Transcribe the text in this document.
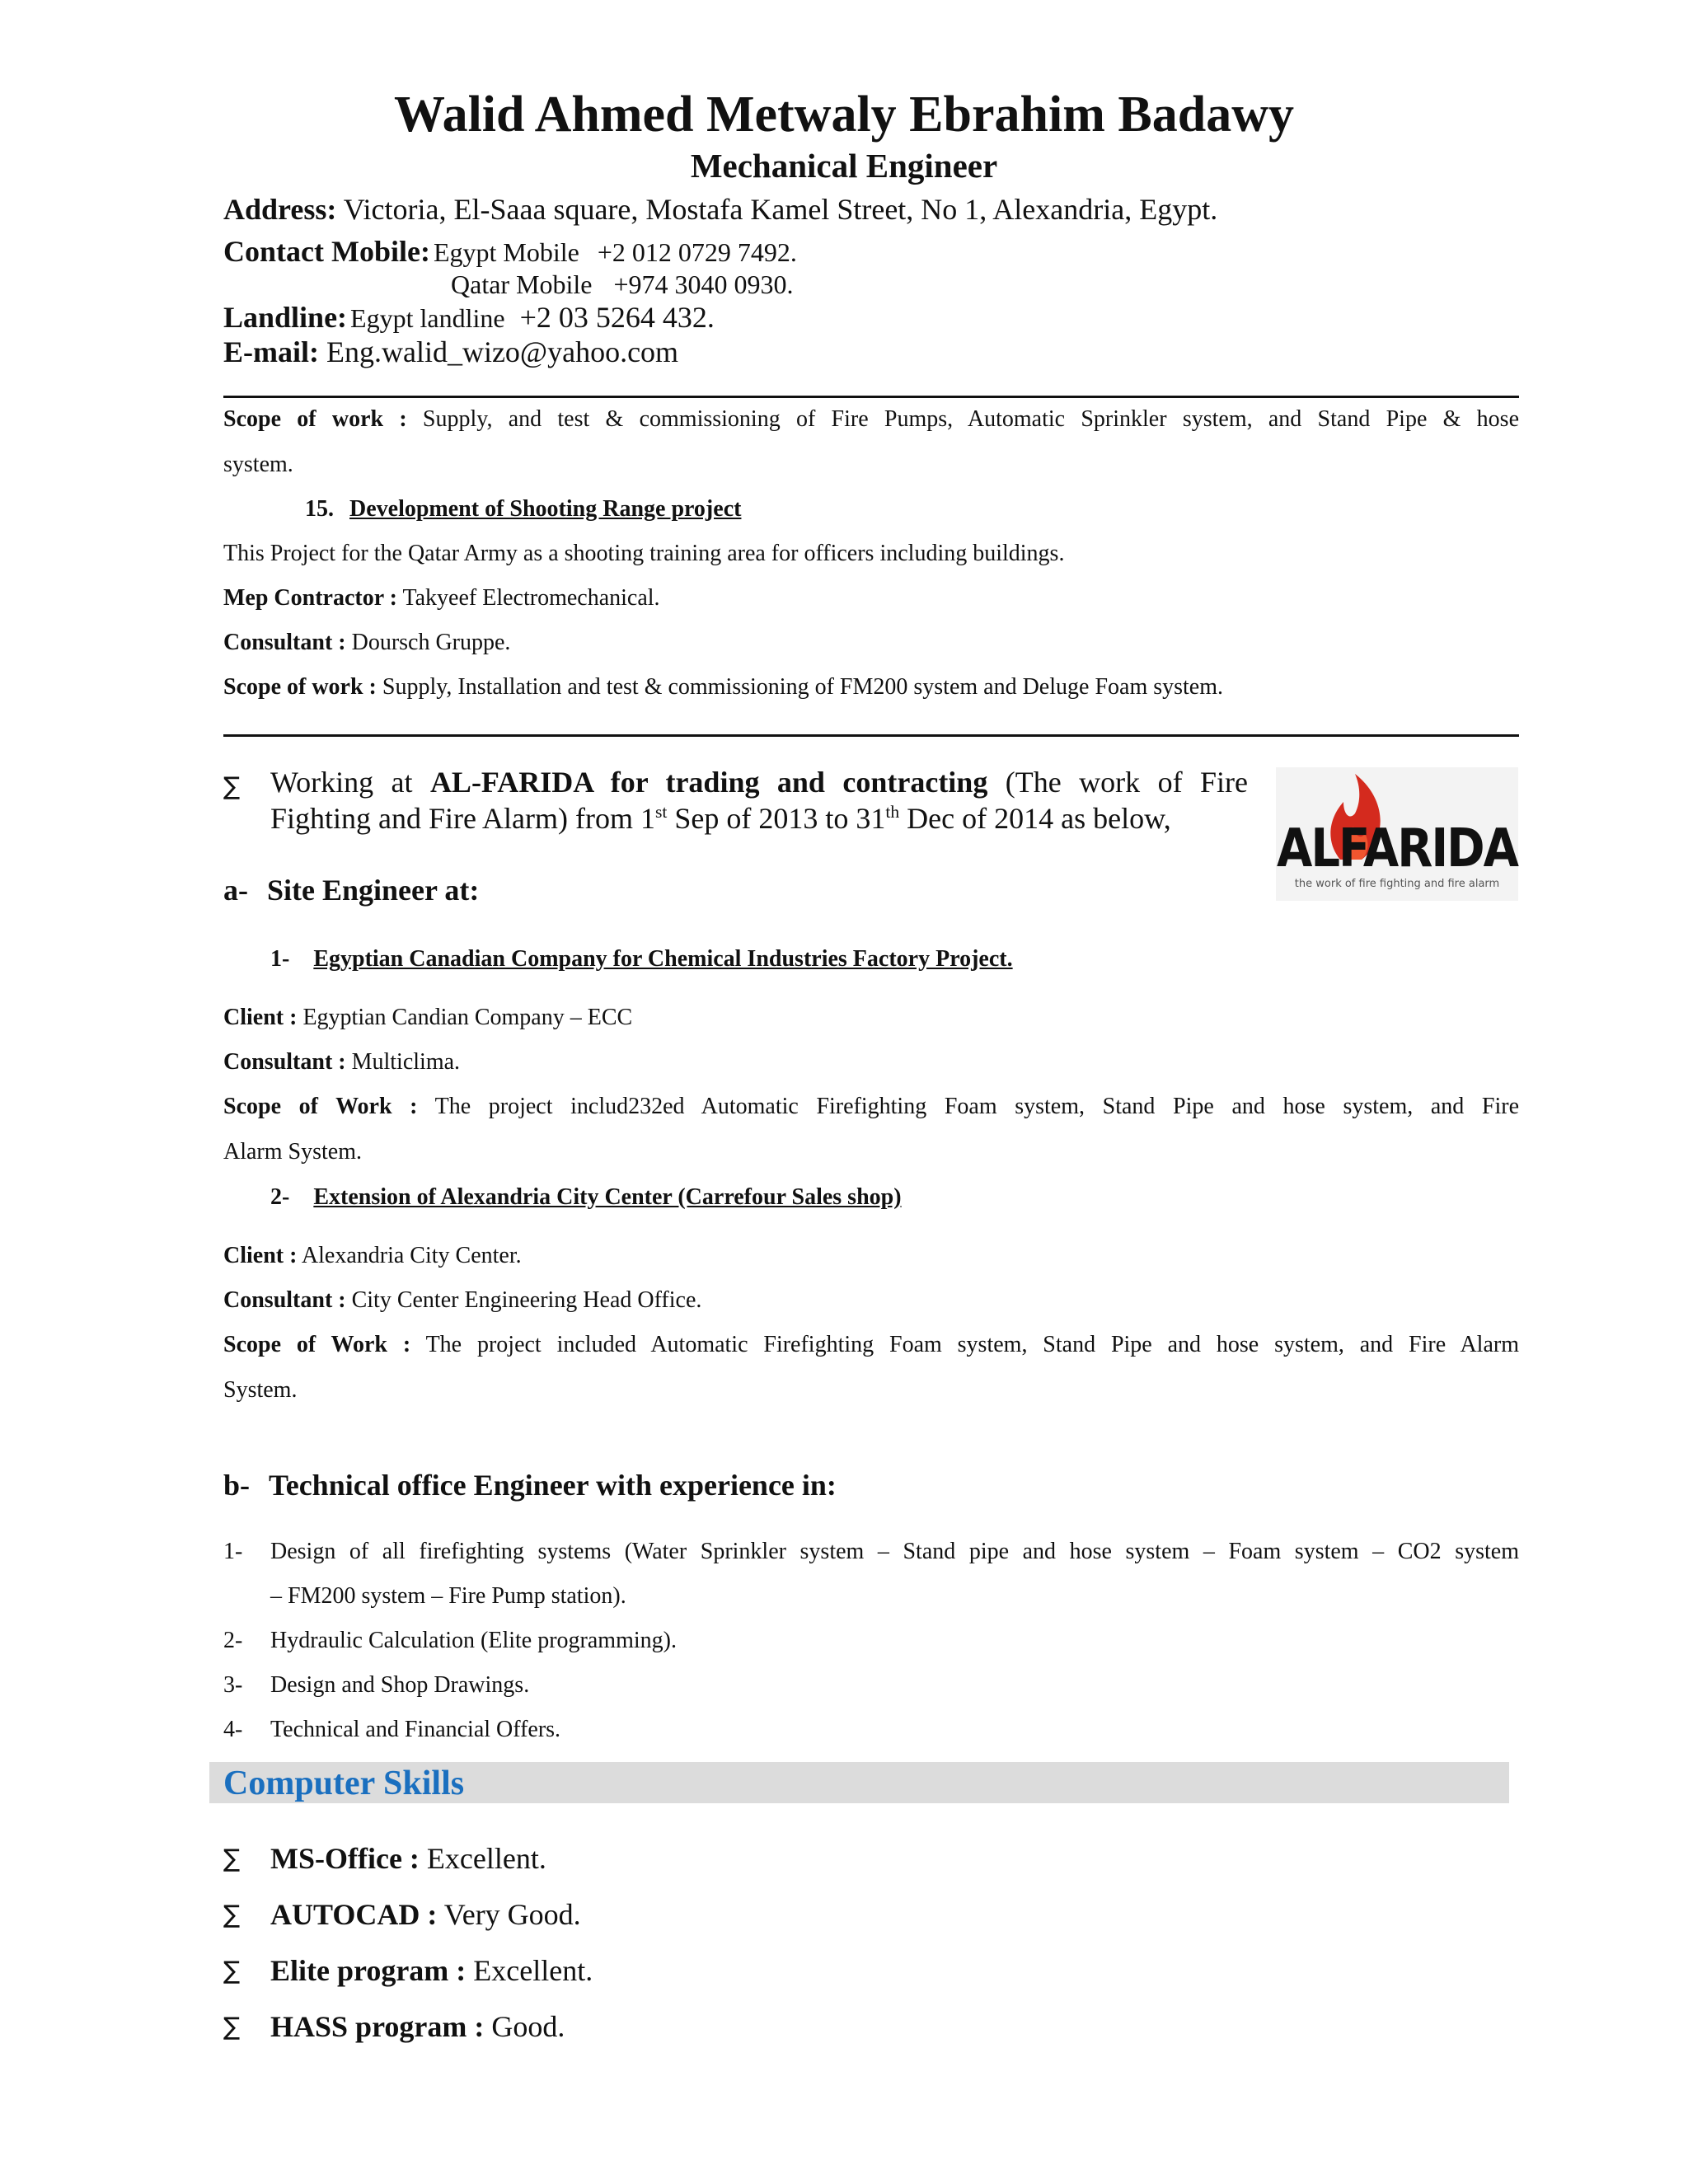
Walid Ahmed Metwaly Ebrahim Badawy
Mechanical Engineer
Address: Victoria, El-Saaa square, Mostafa Kamel Street, No 1, Alexandria, Egypt.
Contact Mobile: Egypt Mobile +2 012 0729 7492.
Qatar Mobile +974 3040 0930.
Landline: Egypt landline +2 03 5264 432.
E-mail: Eng.walid_wizo@yahoo.com
Scope of work : Supply, and test & commissioning of Fire Pumps, Automatic Sprinkler system, and Stand Pipe & hose
system.
15. Development of Shooting Range project
This Project for the Qatar Army as a shooting training area for officers including buildings.
Mep Contractor : Takyeef Electromechanical.
Consultant : Doursch Gruppe.
Scope of work : Supply, Installation and test & commissioning of FM200 system and Deluge Foam system.
∑ Working at AL-FARIDA for trading and contracting (The work of Fire
Fighting and Fire Alarm) from 1st Sep of 2013 to 31th Dec of 2014 as below, ALFARIDA
the work of fire fighting and fire alarm
a- Site Engineer at:
1- Egyptian Canadian Company for Chemical Industries Factory Project.
Client : Egyptian Candian Company – ECC
Consultant : Multiclima.
Scope of Work : The project includ232ed Automatic Firefighting Foam system, Stand Pipe and hose system, and Fire
Alarm System.
2- Extension of Alexandria City Center (Carrefour Sales shop)
Client : Alexandria City Center.
Consultant : City Center Engineering Head Office.
Scope of Work : The project included Automatic Firefighting Foam system, Stand Pipe and hose system, and Fire Alarm
System.
b- Technical office Engineer with experience in:
1- Design of all firefighting systems (Water Sprinkler system – Stand pipe and hose system – Foam system – CO2 system
– FM200 system – Fire Pump station).
2- Hydraulic Calculation (Elite programming).
3- Design and Shop Drawings.
4- Technical and Financial Offers.
Computer Skills
∑ MS-Office : Excellent.
∑ AUTOCAD : Very Good.
∑ Elite program : Excellent.
∑ HASS program : Good.
